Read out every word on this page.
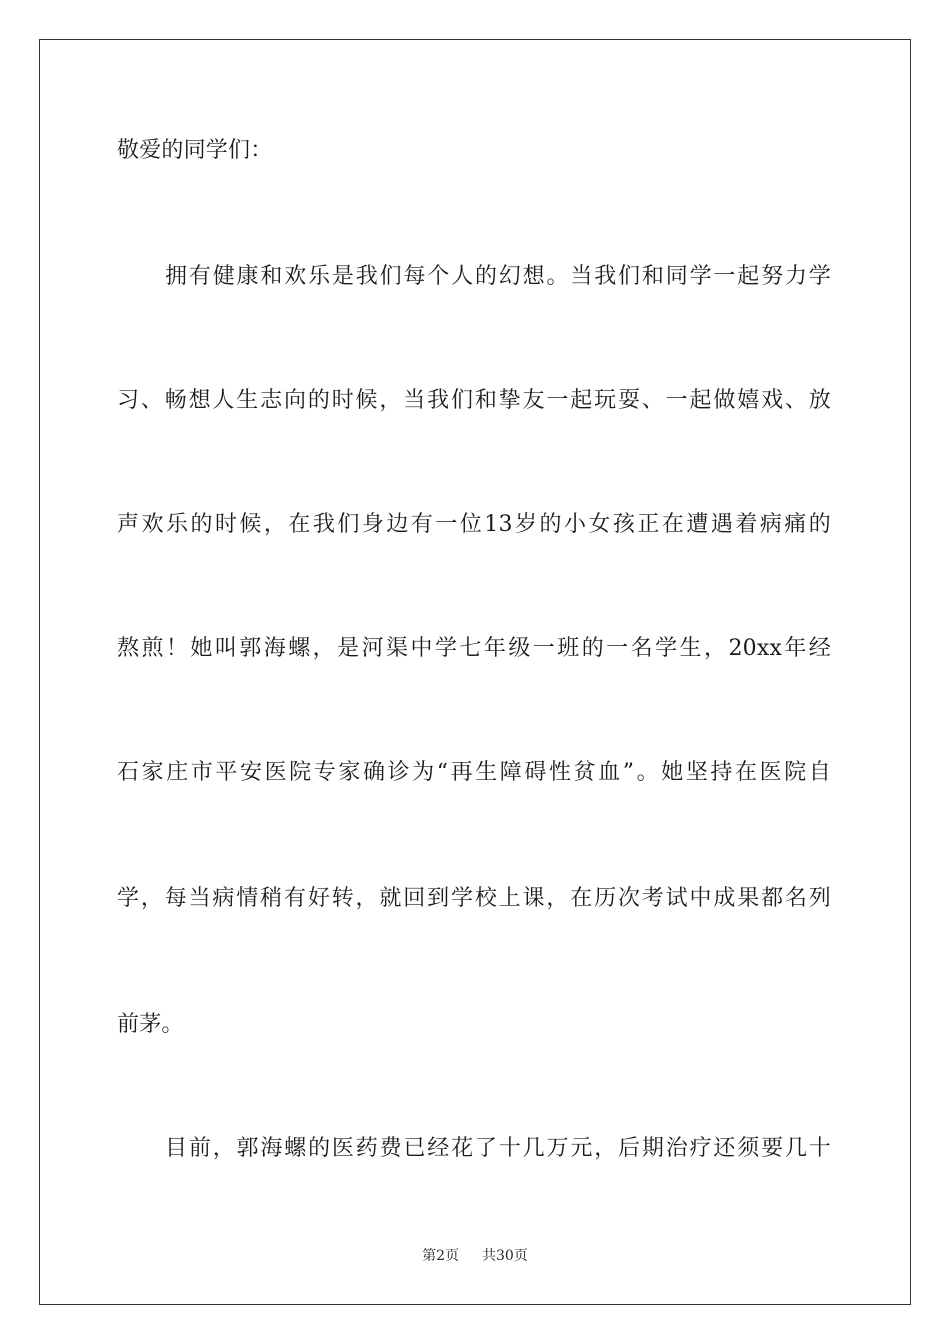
敬爱的同学们：
拥有健康和欢乐是我们每个人的幻想。当我们和同学一起努力学
习、畅想人生志向的时候，当我们和挚友一起玩耍、一起做嬉戏、放
声欢乐的时候，在我们身边有一位13岁的小女孩正在遭遇着病痛的
熬煎！她叫郭海螺，是河渠中学七年级一班的一名学生，20xx年经
石家庄市平安医院专家确诊为“再生障碍性贫血”。她坚持在医院自
学，每当病情稍有好转，就回到学校上课，在历次考试中成果都名列
前茅。
目前，郭海螺的医药费已经花了十几万元，后期治疗还须要几十
第2页 共30页
